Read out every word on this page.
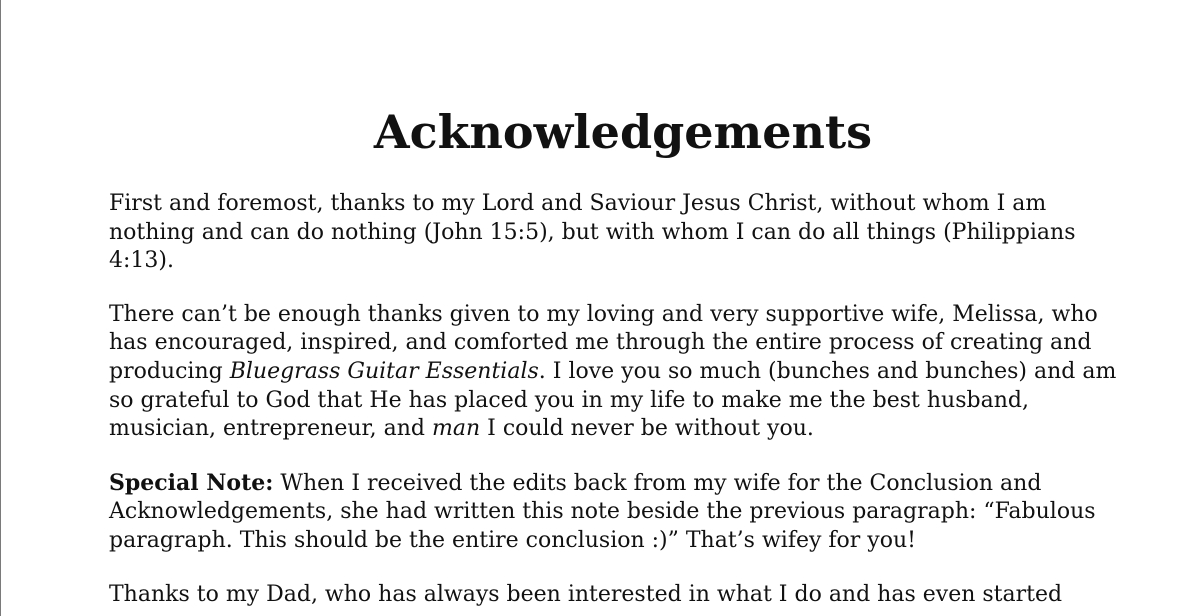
Acknowledgements

First and foremost, thanks to my Lord and Saviour Jesus Christ, without whom I am nothing and can do nothing (John 15:5), but with whom I can do all things (Philippians 4:13).

There can’t be enough thanks given to my loving and very supportive wife, Melissa, who has encouraged, inspired, and comforted me through the entire process of creating and producing Bluegrass Guitar Essentials. I love you so much (bunches and bunches) and am so grateful to God that He has placed you in my life to make me the best husband, musician, entrepreneur, and man I could never be without you.

Special Note: When I received the edits back from my wife for the Conclusion and Acknowledgements, she had written this note beside the previous paragraph: “Fabulous paragraph. This should be the entire conclusion :)” That’s wifey for you!

Thanks to my Dad, who has always been interested in what I do and has even started
